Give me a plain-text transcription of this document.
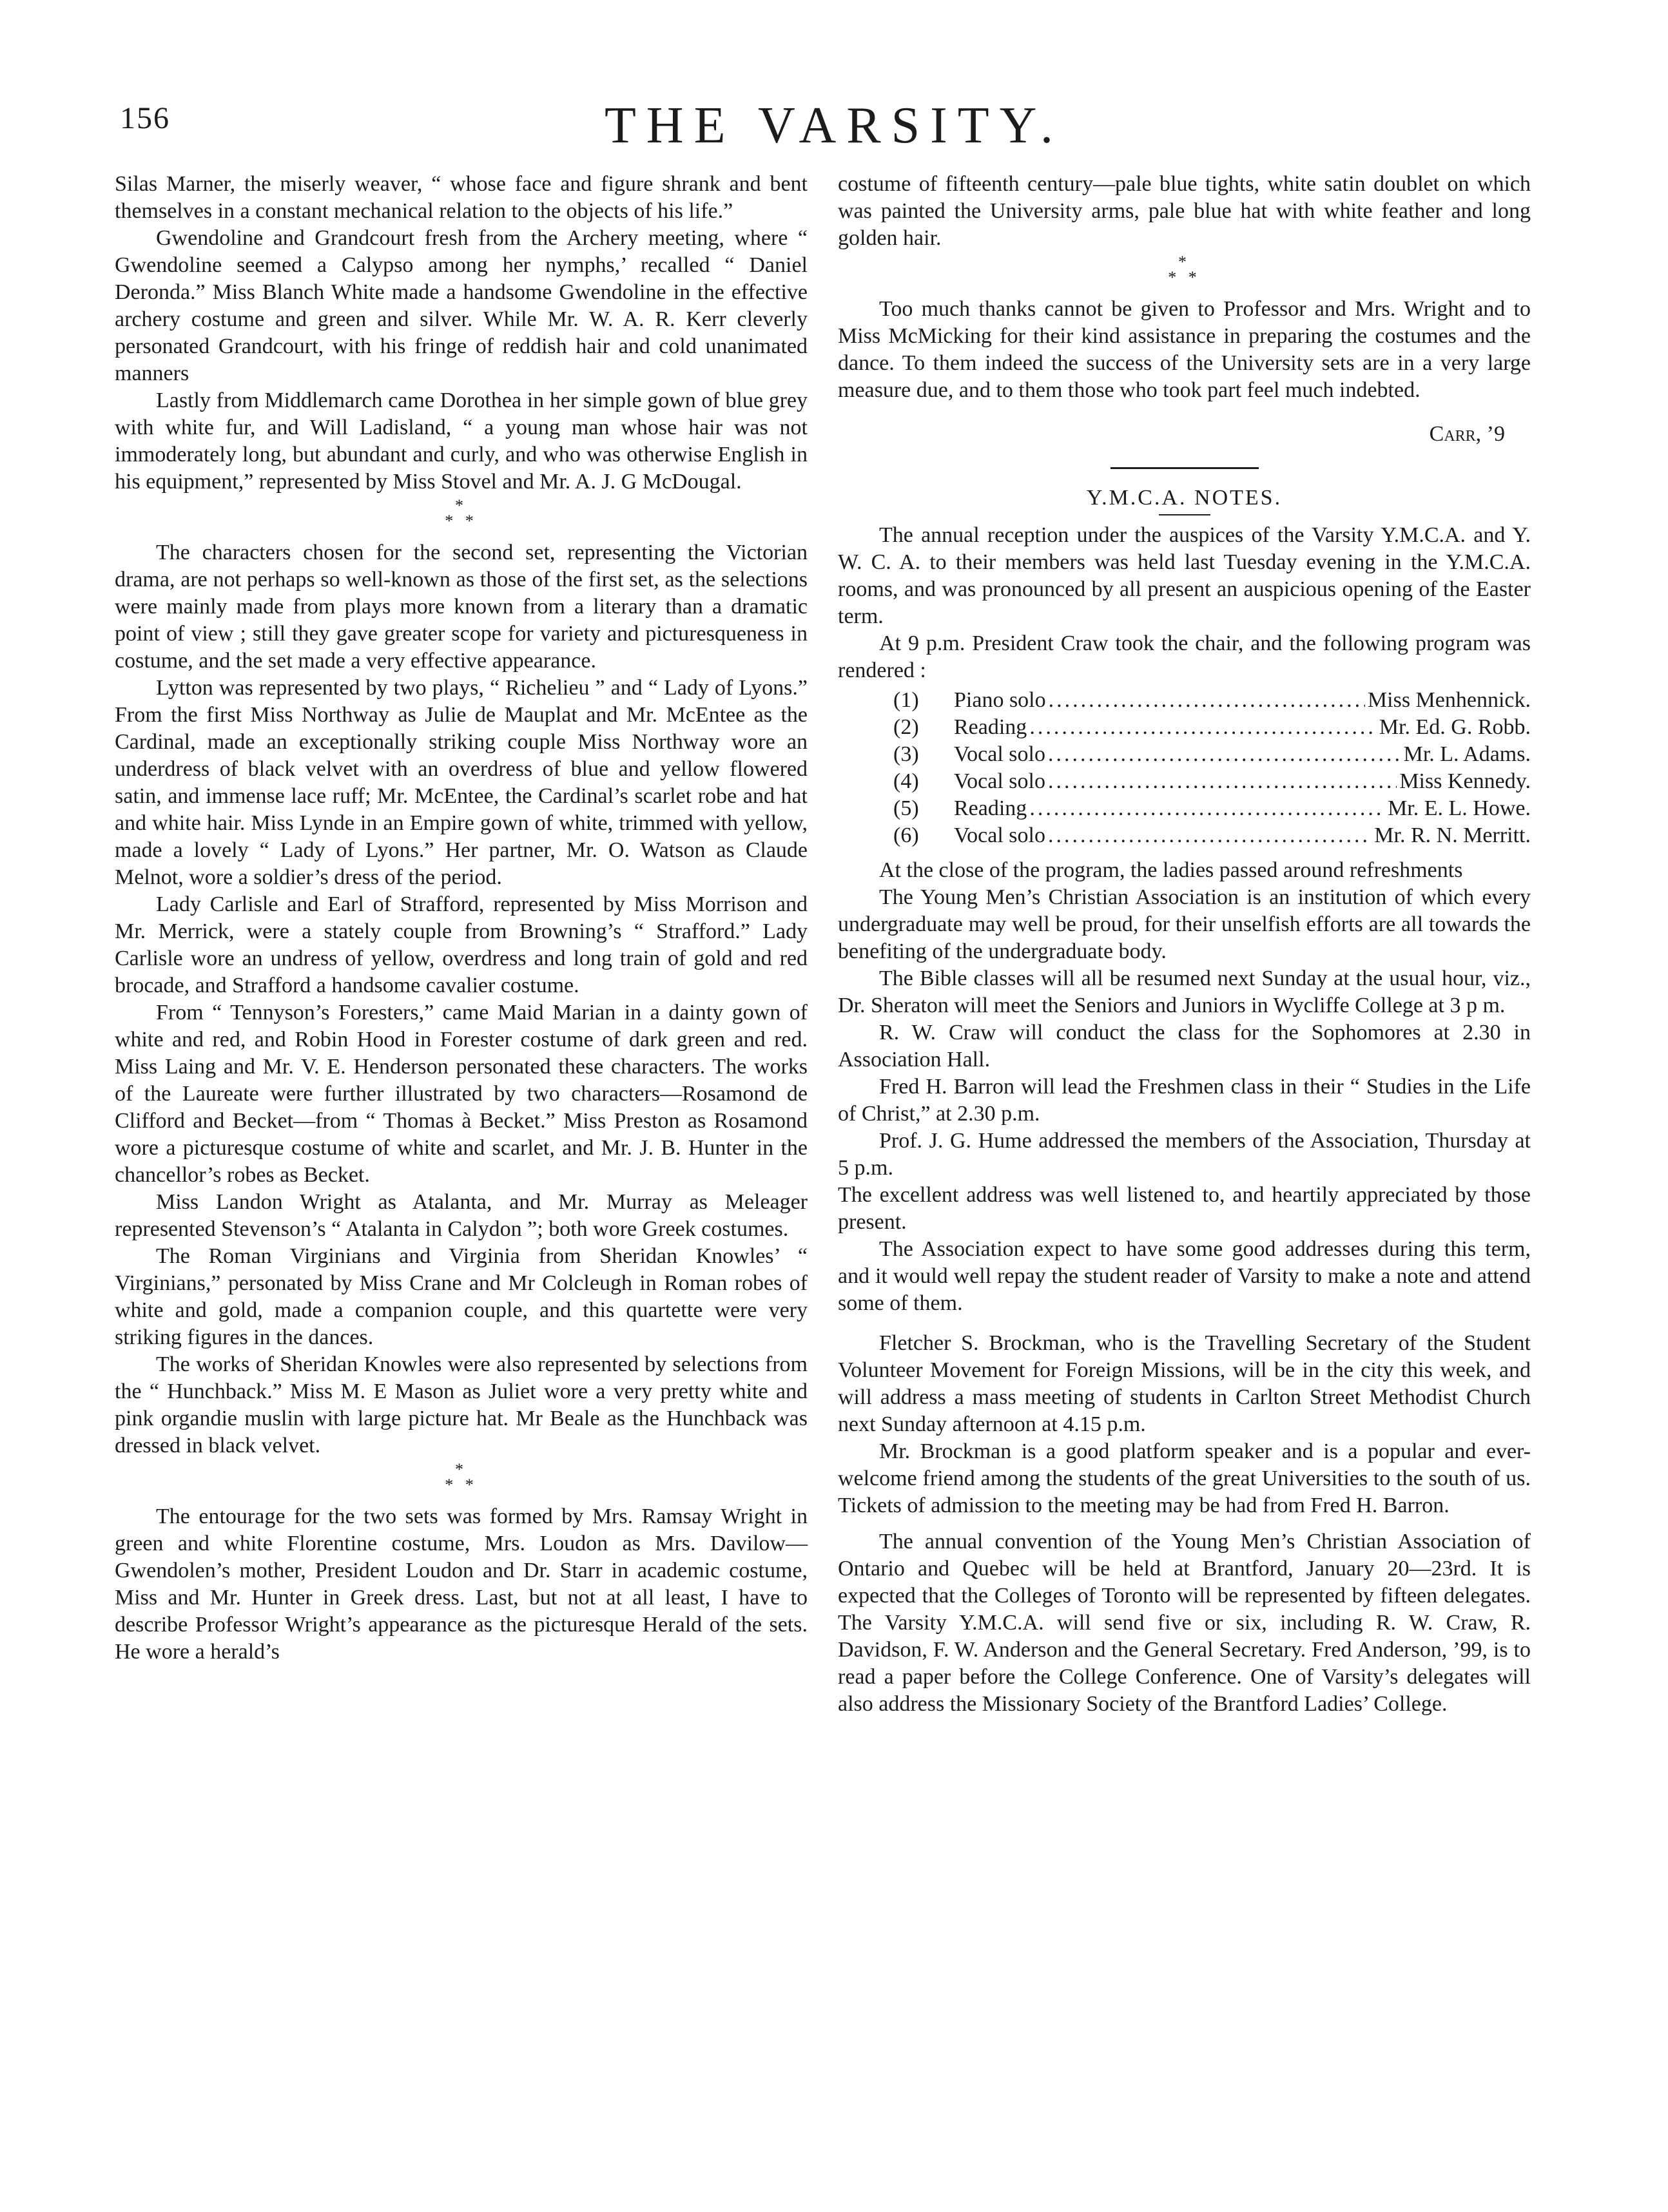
156	THE VARSITY.

Silas Marner, the miserly weaver, “ whose face and figure shrank and bent themselves in a constant mechanical relation to the objects of his life.”

Gwendoline and Grandcourt fresh from the Archery meeting, where “ Gwendoline seemed a Calypso among her nymphs,’ recalled “ Daniel Deronda.” Miss Blanch White made a handsome Gwendoline in the effective archery costume and green and silver. While Mr. W. A. R. Kerr cleverly personated Grandcourt, with his fringe of reddish hair and cold unanimated manners

Lastly from Middlemarch came Dorothea in her simple gown of blue grey with white fur, and Will Ladisland, “ a young man whose hair was not immoderately long, but abundant and curly, and who was otherwise English in his equipment,” represented by Miss Stovel and Mr. A. J. G McDougal.

*
* *

The characters chosen for the second set, representing the Victorian drama, are not perhaps so well-known as those of the first set, as the selections were mainly made from plays more known from a literary than a dramatic point of view ; still they gave greater scope for variety and picturesqueness in costume, and the set made a very effective appearance.

Lytton was represented by two plays, “ Richelieu ” and “ Lady of Lyons.” From the first Miss Northway as Julie de Mauplat and Mr. McEntee as the Cardinal, made an exceptionally striking couple Miss Northway wore an underdress of black velvet with an overdress of blue and yellow flowered satin, and immense lace ruff; Mr. McEntee, the Cardinal’s scarlet robe and hat and white hair. Miss Lynde in an Empire gown of white, trimmed with yellow, made a lovely “ Lady of Lyons.” Her partner, Mr. O. Watson as Claude Melnot, wore a soldier’s dress of the period.

Lady Carlisle and Earl of Strafford, represented by Miss Morrison and Mr. Merrick, were a stately couple from Browning’s “ Strafford.” Lady Carlisle wore an undress of yellow, overdress and long train of gold and red brocade, and Strafford a handsome cavalier costume.

From “ Tennyson’s Foresters,” came Maid Marian in a dainty gown of white and red, and Robin Hood in Forester costume of dark green and red. Miss Laing and Mr. V. E. Henderson personated these characters. The works of the Laureate were further illustrated by two characters—Rosamond de Clifford and Becket—from “ Thomas à Becket.” Miss Preston as Rosamond wore a picturesque costume of white and scarlet, and Mr. J. B. Hunter in the chancellor’s robes as Becket.

Miss Landon Wright as Atalanta, and Mr. Murray as Meleager represented Stevenson’s “ Atalanta in Calydon ”; both wore Greek costumes.

The Roman Virginians and Virginia from Sheridan Knowles’ “ Virginians,” personated by Miss Crane and Mr Colcleugh in Roman robes of white and gold, made a companion couple, and this quartette were very striking figures in the dances.

The works of Sheridan Knowles were also represented by selections from the “ Hunchback.” Miss M. E Mason as Juliet wore a very pretty white and pink organdie muslin with large picture hat. Mr Beale as the Hunchback was dressed in black velvet.

*
* *

The entourage for the two sets was formed by Mrs. Ramsay Wright in green and white Florentine costume, Mrs. Loudon as Mrs. Davilow—Gwendolen’s mother, President Loudon and Dr. Starr in academic costume, Miss and Mr. Hunter in Greek dress. Last, but not at all least, I have to describe Professor Wright’s appearance as the picturesque Herald of the sets. He wore a herald’s

costume of fifteenth century—pale blue tights, white satin doublet on which was painted the University arms, pale blue hat with white feather and long golden hair.

*
* *

Too much thanks cannot be given to Professor and Mrs. Wright and to Miss McMicking for their kind assistance in preparing the costumes and the dance. To them indeed the success of the University sets are in a very large measure due, and to them those who took part feel much indebted.

Carr, ’9
Y.M.C.A. NOTES.

The annual reception under the auspices of the Varsity Y.M.C.A. and Y. W. C. A. to their members was held last Tuesday evening in the Y.M.C.A. rooms, and was pronounced by all present an auspicious opening of the Easter term.

At 9 p.m. President Craw took the chair, and the following program was rendered :

(1)	Piano solo .....	Miss Menhennick.
(2)	Reading .....	Mr. Ed. G. Robb.
(3)	Vocal solo .....	Mr. L. Adams.
(4)	Vocal solo .....	Miss Kennedy.
(5)	Reading .....	Mr. E. L. Howe.
(6)	Vocal solo .....	Mr. R. N. Merritt.

At the close of the program, the ladies passed around refreshments

The Young Men’s Christian Association is an institution of which every undergraduate may well be proud, for their unselfish efforts are all towards the benefiting of the undergraduate body.

The Bible classes will all be resumed next Sunday at the usual hour, viz., Dr. Sheraton will meet the Seniors and Juniors in Wycliffe College at 3 p m.

R. W. Craw will conduct the class for the Sophomores at 2.30 in Association Hall.

Fred H. Barron will lead the Freshmen class in their “ Studies in the Life of Christ,” at 2.30 p.m.

Prof. J. G. Hume addressed the members of the Association, Thursday at 5 p.m.

The excellent address was well listened to, and heartily appreciated by those present.

The Association expect to have some good addresses during this term, and it would well repay the student reader of Varsity to make a note and attend some of them.

Fletcher S. Brockman, who is the Travelling Secretary of the Student Volunteer Movement for Foreign Missions, will be in the city this week, and will address a mass meeting of students in Carlton Street Methodist Church next Sunday afternoon at 4.15 p.m.

Mr. Brockman is a good platform speaker and is a popular and ever-welcome friend among the students of the great Universities to the south of us. Tickets of admission to the meeting may be had from Fred H. Barron.

The annual convention of the Young Men’s Christian Association of Ontario and Quebec will be held at Brantford, January 20—23rd. It is expected that the Colleges of Toronto will be represented by fifteen delegates. The Varsity Y.M.C.A. will send five or six, including R. W. Craw, R. Davidson, F. W. Anderson and the General Secretary. Fred Anderson, ’99, is to read a paper before the College Conference. One of Varsity’s delegates will also address the Missionary Society of the Brantford Ladies’ College.
